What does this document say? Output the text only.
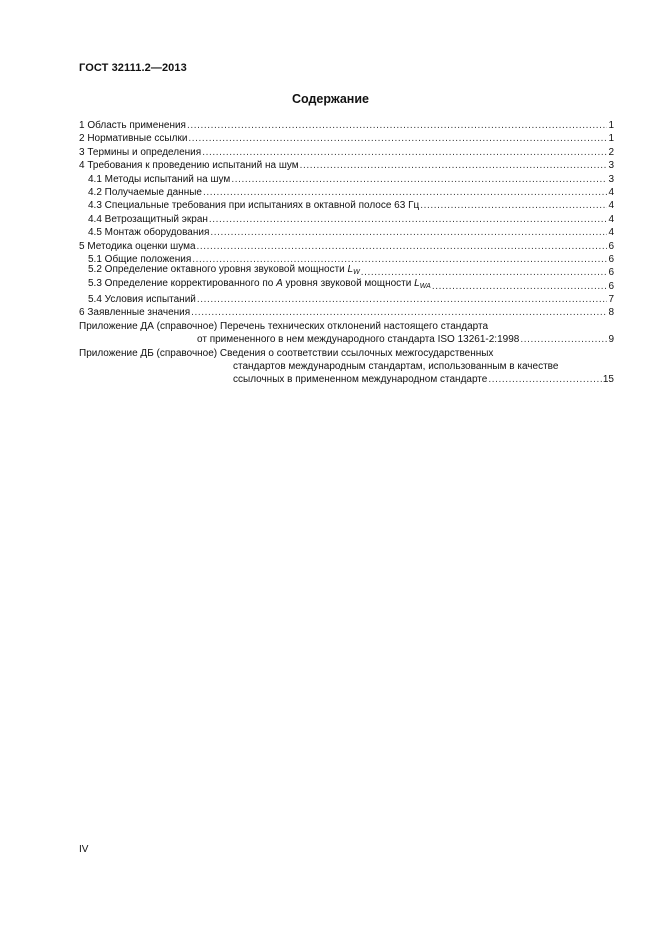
ГОСТ 32111.2—2013
Содержание
1 Область применения .....	1
2 Нормативные ссылки .....	1
3 Термины и определения .....	2
4 Требования к проведению испытаний на шум .....	3
4.1 Методы испытаний на шум .....	3
4.2 Получаемые данные .....	4
4.3 Специальные требования при испытаниях в октавной полосе 63 Гц .....	4
4.4 Ветрозащитный экран .....	4
4.5 Монтаж оборудования .....	4
5 Методика оценки шума .....	6
5.1 Общие положения .....	6
5.2 Определение октавного уровня звуковой мощности $L_W$ .....	6
5.3 Определение корректированного по A уровня звуковой мощности $L_{WA}$ .....	6
5.4 Условия испытаний .....	7
6 Заявленные значения .....	8
Приложение ДА (справочное) Перечень технических отклонений настоящего стандарта
от примененного в нем международного стандарта ISO 13261-2:1998 .....	9
Приложение ДБ (справочное) Сведения о соответствии ссылочных межгосударственных
стандартов международным стандартам, использованным в качестве
ссылочных в примененном международном стандарте .....	15
IV
